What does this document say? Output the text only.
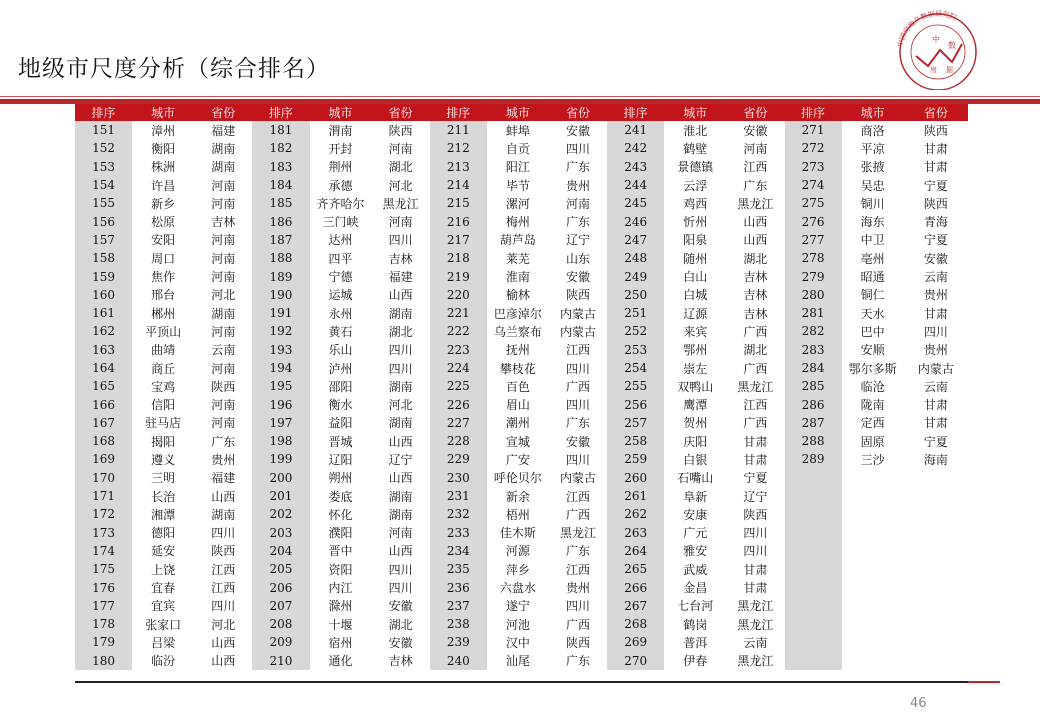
地级市尺度分析（综合排名）
中国房地产数据研究院
中
数
房 据
排序	城市	省份	排序	城市	省份	排序	城市	省份	排序	城市	省份	排序	城市	省份
151	漳州	福建	181	渭南	陕西	211	蚌埠	安徽	241	淮北	安徽	271	商洛	陕西
152	衡阳	湖南	182	开封	河南	212	自贡	四川	242	鹤壁	河南	272	平凉	甘肃
153	株洲	湖南	183	荆州	湖北	213	阳江	广东	243	景德镇	江西	273	张掖	甘肃
154	许昌	河南	184	承德	河北	214	毕节	贵州	244	云浮	广东	274	吴忠	宁夏
155	新乡	河南	185	齐齐哈尔	黑龙江	215	漯河	河南	245	鸡西	黑龙江	275	铜川	陕西
156	松原	吉林	186	三门峡	河南	216	梅州	广东	246	忻州	山西	276	海东	青海
157	安阳	河南	187	达州	四川	217	葫芦岛	辽宁	247	阳泉	山西	277	中卫	宁夏
158	周口	河南	188	四平	吉林	218	莱芜	山东	248	随州	湖北	278	亳州	安徽
159	焦作	河南	189	宁德	福建	219	淮南	安徽	249	白山	吉林	279	昭通	云南
160	邢台	河北	190	运城	山西	220	榆林	陕西	250	白城	吉林	280	铜仁	贵州
161	郴州	湖南	191	永州	湖南	221	巴彦淖尔	内蒙古	251	辽源	吉林	281	天水	甘肃
162	平顶山	河南	192	黄石	湖北	222	乌兰察布	内蒙古	252	来宾	广西	282	巴中	四川
163	曲靖	云南	193	乐山	四川	223	抚州	江西	253	鄂州	湖北	283	安顺	贵州
164	商丘	河南	194	泸州	四川	224	攀枝花	四川	254	崇左	广西	284	鄂尔多斯	内蒙古
165	宝鸡	陕西	195	邵阳	湖南	225	百色	广西	255	双鸭山	黑龙江	285	临沧	云南
166	信阳	河南	196	衡水	河北	226	眉山	四川	256	鹰潭	江西	286	陇南	甘肃
167	驻马店	河南	197	益阳	湖南	227	潮州	广东	257	贺州	广西	287	定西	甘肃
168	揭阳	广东	198	晋城	山西	228	宣城	安徽	258	庆阳	甘肃	288	固原	宁夏
169	遵义	贵州	199	辽阳	辽宁	229	广安	四川	259	白银	甘肃	289	三沙	海南
170	三明	福建	200	朔州	山西	230	呼伦贝尔	内蒙古	260	石嘴山	宁夏			
171	长治	山西	201	娄底	湖南	231	新余	江西	261	阜新	辽宁			
172	湘潭	湖南	202	怀化	湖南	232	梧州	广西	262	安康	陕西			
173	德阳	四川	203	濮阳	河南	233	佳木斯	黑龙江	263	广元	四川			
174	延安	陕西	204	晋中	山西	234	河源	广东	264	雅安	四川			
175	上饶	江西	205	资阳	四川	235	萍乡	江西	265	武威	甘肃			
176	宜春	江西	206	内江	四川	236	六盘水	贵州	266	金昌	甘肃			
177	宜宾	四川	207	滁州	安徽	237	遂宁	四川	267	七台河	黑龙江			
178	张家口	河北	208	十堰	湖北	238	河池	广西	268	鹤岗	黑龙江			
179	吕梁	山西	209	宿州	安徽	239	汉中	陕西	269	普洱	云南			
180	临汾	山西	210	通化	吉林	240	汕尾	广东	270	伊春	黑龙江			
46
